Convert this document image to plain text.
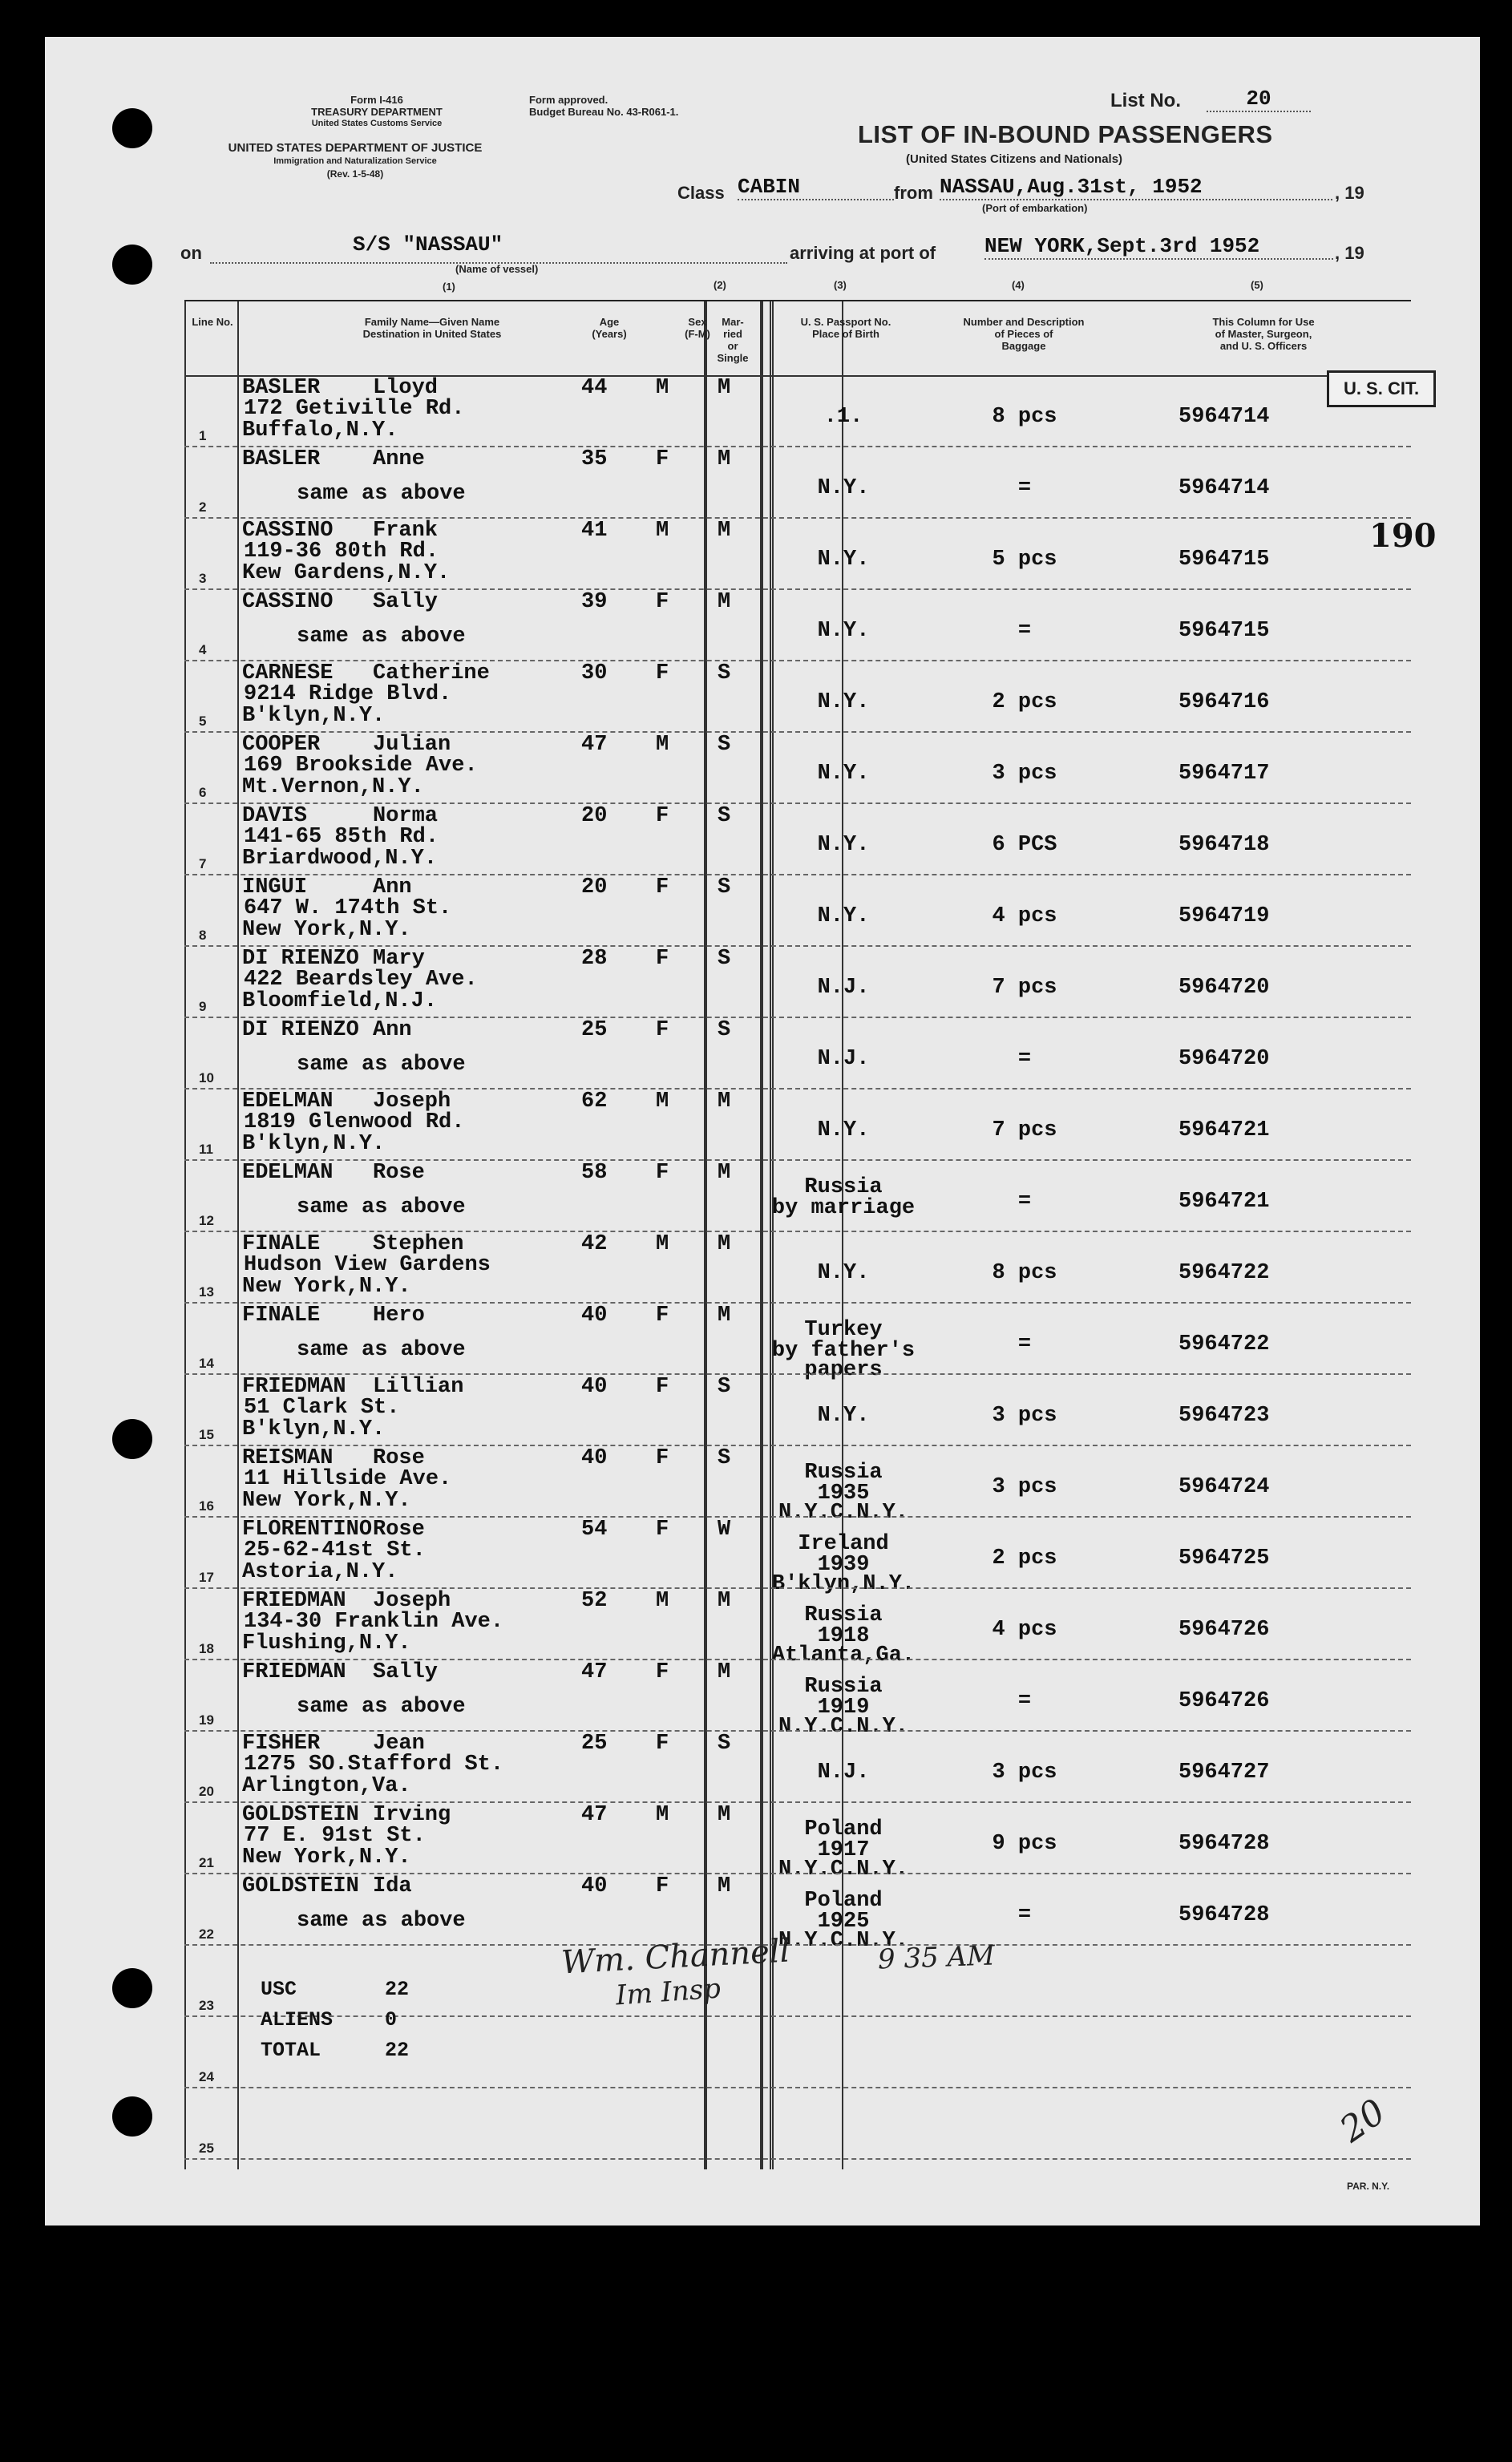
Form I-416
TREASURY DEPARTMENT
United States Customs Service
UNITED STATES DEPARTMENT OF JUSTICE
Immigration and Naturalization Service
(Rev. 1-5-48)
Form approved.
Budget Bureau No. 43-R061-1.
List No.	20
LIST OF IN-BOUND PASSENGERS
(United States Citizens and Nationals)
Class CABIN	from NASSAU,Aug.31st, 1952	, 19
(Port of embarkation)
on	S/S "NASSAU"
(Name of vessel)
arriving at port of NEW YORK,Sept.3rd 1952	, 19
(1)	(2)	(3)	(4)	(5)
Line No.	Family Name—Given Name
Destination in United States
Age
(Years)
Sex
(F-M)
Mar-
ried
or
Single
U. S. Passport No.
Place of Birth
Number and Description
of Pieces of
Baggage
This Column for Use
of Master, Surgeon,
and U. S. Officers
BASLER Lloyd
172 Getiville Rd.
Buffalo,N.Y.
44 M M
.1.	8 pcs	5964714
1
BASLER Anne
same as above
35 F M
N.Y.	=	5964714
2
CASSINO Frank
119-36 80th Rd.
Kew Gardens,N.Y.
41 M M
N.Y.	5 pcs	5964715
3
CASSINO Sally
same as above
39 F M
N.Y.	=	5964715
4
CARNESE Catherine
9214 Ridge Blvd.
B'klyn,N.Y.
30 F S
N.Y.	2 pcs	5964716
5
COOPER Julian
169 Brookside Ave.
Mt.Vernon,N.Y.
47 M S
N.Y.	3 pcs	5964717
6
DAVIS	Norma
141-65 85th Rd.
Briardwood,N.Y.
20 F S
N.Y.	6 PCS	5964718
7
INGUI	Ann
647 W. 174th St.
New York,N.Y.
20 F S
N.Y.	4 pcs	5964719
8
DI RIENZO Mary
422 Beardsley Ave.
Bloomfield,N.J.
28 F S
N.J.	7 pcs	5964720
9
DI RIENZO Ann
same as above
25 F S
N.J.	=	5964720
10
EDELMAN Joseph
1819 Glenwood Rd.
B'klyn,N.Y.
62 M M
N.Y.	7 pcs	5964721
11
EDELMAN Rose
same as above
58 F M
Russia
by marriage	=	5964721
12
FINALE Stephen
Hudson View Gardens
New York,N.Y.
42 M M
N.Y.	8 pcs	5964722
13
FINALE Hero
same as above
40 F M
Turkey
by father's
papers
=	5964722
14
FRIEDMAN Lillian
51 Clark St.
B'klyn,N.Y.
40 F S
N.Y.	3 pcs	5964723
15
REISMAN Rose
11 Hillside Ave.
New York,N.Y.
40 F S
Russia
1935
N.Y.C.N.Y.
3 pcs	5964724
16
FLORENTINO Rose
25-62-41st St.
Astoria,N.Y.
54 F W
Ireland
1939
B'klyn,N.Y.
2 pcs	5964725
17
FRIEDMAN Joseph
134-30 Franklin Ave.
Flushing,N.Y.
52 M M
Russia
1918
Atlanta,Ga.
4 pcs	5964726
18
FRIEDMAN Sally
same as above
47 F M
Russia
1919
N.Y.C.N.Y.
=	5964726
19
FISHER Jean
1275 SO.Stafford St.
Arlington,Va.
25 F S
N.J.	3 pcs	5964727
20
GOLDSTEIN Irving
77 E. 91st St.
New York,N.Y.
47 M M
Poland
1917
N.Y.C.N.Y.
9 pcs	5964728
21
GOLDSTEIN Ida
same as above
40 F M
Poland
1925
N.Y.C.N.Y.
=	5964728
22
23
24
25
U. S. CIT.
190
USC
ALIENS
TOTAL
22
0
22
Wm. Channell	9 35 AM
Im Insp
20
PAR. N.Y.
